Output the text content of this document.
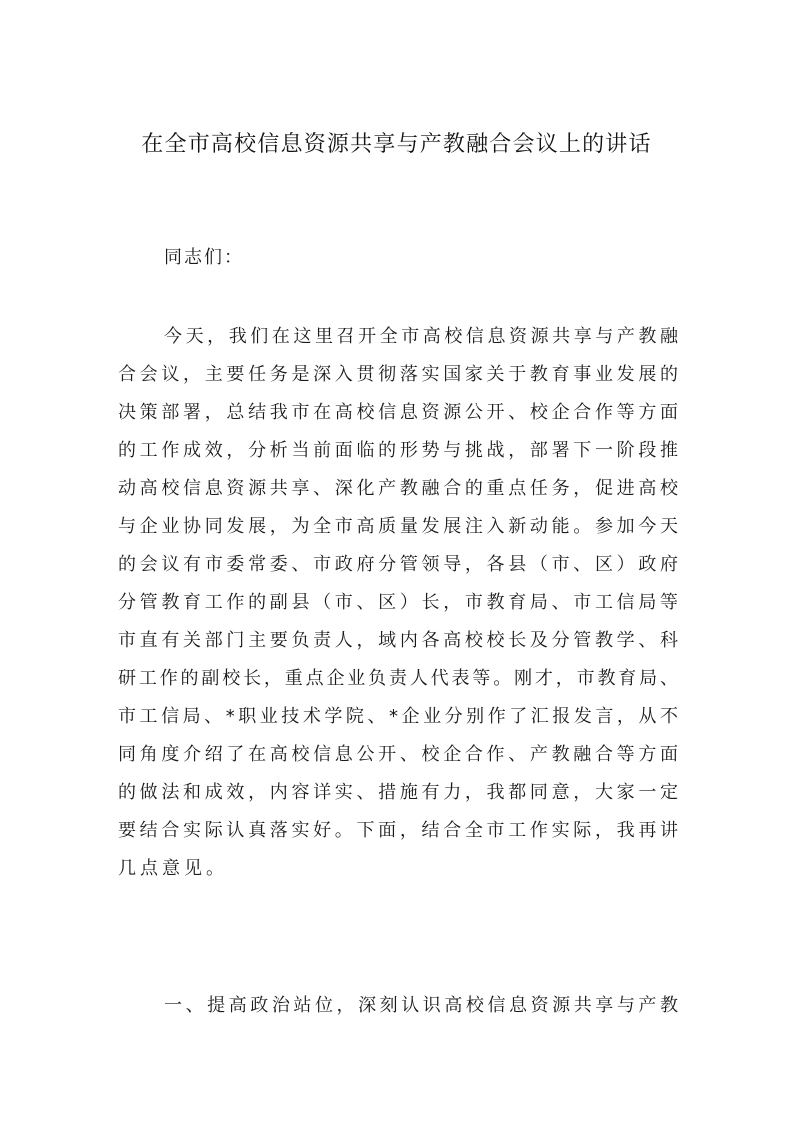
在全市高校信息资源共享与产教融合会议上的讲话
同志们：
今天，我们在这里召开全市高校信息资源共享与产教融
合会议，主要任务是深入贯彻落实国家关于教育事业发展的
决策部署，总结我市在高校信息资源公开、校企合作等方面
的工作成效，分析当前面临的形势与挑战，部署下一阶段推
动高校信息资源共享、深化产教融合的重点任务，促进高校
与企业协同发展，为全市高质量发展注入新动能。参加今天
的会议有市委常委、市政府分管领导，各县（市、区）政府
分管教育工作的副县（市、区）长，市教育局、市工信局等
市直有关部门主要负责人，域内各高校校长及分管教学、科
研工作的副校长，重点企业负责人代表等。刚才，市教育局、
市工信局、*职业技术学院、*企业分别作了汇报发言，从不
同角度介绍了在高校信息公开、校企合作、产教融合等方面
的做法和成效，内容详实、措施有力，我都同意，大家一定
要结合实际认真落实好。下面，结合全市工作实际，我再讲
几点意见。
一、提高政治站位，深刻认识高校信息资源共享与产教
